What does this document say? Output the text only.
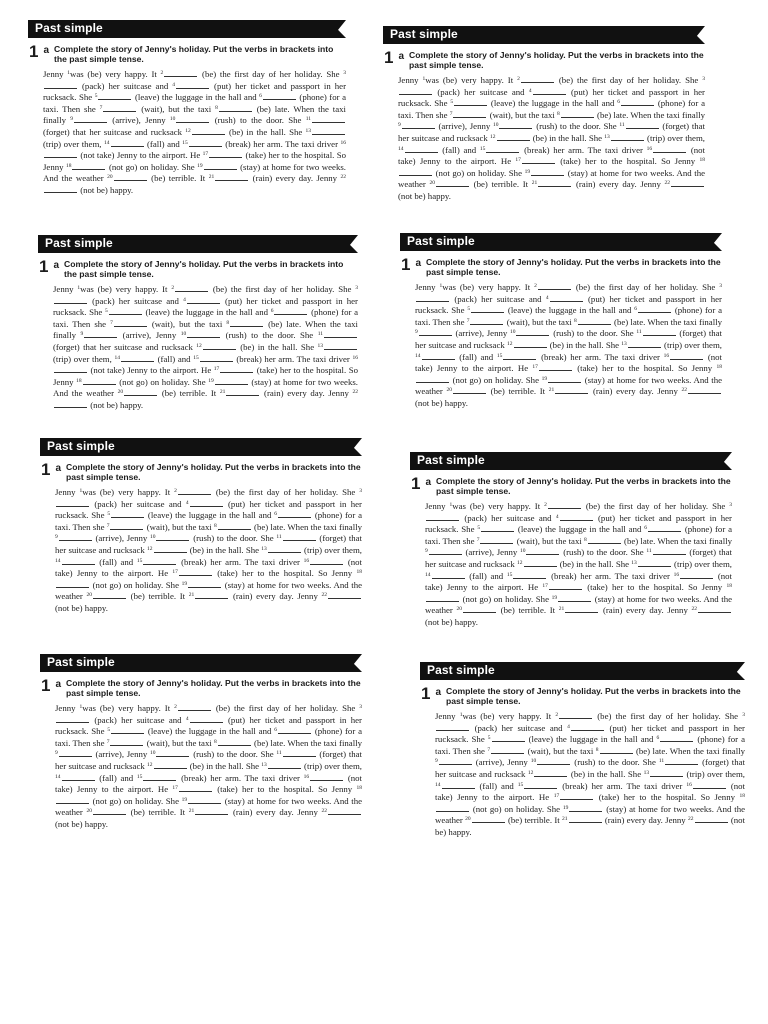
Past simple
1 a Complete the story of Jenny's holiday. Put the verbs in brackets into the past simple tense.
Jenny $^1$was (be) very happy. It $^2$	(be) the first day of her holiday. She $^3$ (pack) her suitcase and $^4$	(put) her ticket and passport in her rucksack. She $^5$	(leave) the luggage in the hall and $^6$	(phone) for a taxi. Then she $^7$	(wait), but the taxi $^8$	(be) late. When the taxi finally $^9$	(arrive), Jenny $^{10}$	(rush) to the door. She $^{11}$ (forget) that her suitcase and rucksack $^{12}$	(be) in the hall. She $^{13}$ (trip) over them, $^{14}$	(fall) and $^{15}$	(break) her arm. The taxi driver $^{16}$ (not take) Jenny to the airport. He $^{17}$	(take) her to the hospital. So Jenny $^{18}$	(not go) on holiday. She $^{19}$	(stay) at home for two weeks. And the weather $^{20}$	(be) terrible. It $^{21}$	(rain) every day. Jenny $^{22}$ (not be) happy.
Past simple
1 a Complete the story of Jenny's holiday. Put the verbs in brackets into the past simple tense.
Jenny $^1$was (be) very happy. It $^2$	(be) the first day of her holiday. She $^3$ (pack) her suitcase and $^4$	(put) her ticket and passport in her rucksack. She $^5$	(leave) the luggage in the hall and $^6$	(phone) for a taxi. Then she $^7$	(wait), but the taxi $^8$	(be) late. When the taxi finally $^9$	(arrive), Jenny $^{10}$	(rush) to the door. She $^{11}$	(forget) that her suitcase and rucksack $^{12}$	(be) in the hall. She $^{13}$	(trip) over them, $^{14}$	(fall) and $^{15}$	(break) her arm. The taxi driver $^{16}$	(not take) Jenny to the airport. He $^{17}$	(take) her to the hospital. So Jenny $^{18}$ (not go) on holiday. She $^{19}$	(stay) at home for two weeks. And the weather $^{20}$	(be) terrible. It $^{21}$	(rain) every day. Jenny $^{22}$ (not be) happy.
Past simple
1 a Complete the story of Jenny's holiday. Put the verbs in brackets into the past simple tense.
Jenny $^1$was (be) very happy. It $^2$	(be) the first day of her holiday. She $^3$ (pack) her suitcase and $^4$	(put) her ticket and passport in her rucksack. She $^5$	(leave) the luggage in the hall and $^6$	(phone) for a taxi. Then she $^7$	(wait), but the taxi $^8$	(be) late. When the taxi finally $^9$	(arrive), Jenny $^{10}$	(rush) to the door. She $^{11}$ (forget) that her suitcase and rucksack $^{12}$	(be) in the hall. She $^{13}$ (trip) over them, $^{14}$	(fall) and $^{15}$	(break) her arm. The taxi driver $^{16}$ (not take) Jenny to the airport. He $^{17}$	(take) her to the hospital. So Jenny $^{18}$	(not go) on holiday. She $^{19}$	(stay) at home for two weeks. And the weather $^{20}$	(be) terrible. It $^{21}$	(rain) every day. Jenny $^{22}$ (not be) happy.
Past simple
1 a Complete the story of Jenny's holiday. Put the verbs in brackets into the past simple tense.
Jenny $^1$was (be) very happy. It $^2$	(be) the first day of her holiday. She $^3$ (pack) her suitcase and $^4$	(put) her ticket and passport in her rucksack. She $^5$	(leave) the luggage in the hall and $^6$	(phone) for a taxi. Then she $^7$	(wait), but the taxi $^8$	(be) late. When the taxi finally $^9$	(arrive), Jenny $^{10}$	(rush) to the door. She $^{11}$	(forget) that her suitcase and rucksack $^{12}$	(be) in the hall. She $^{13}$	(trip) over them, $^{14}$	(fall) and $^{15}$	(break) her arm. The taxi driver $^{16}$	(not take) Jenny to the airport. He $^{17}$	(take) her to the hospital. So Jenny $^{18}$ (not go) on holiday. She $^{19}$	(stay) at home for two weeks. And the weather $^{20}$	(be) terrible. It $^{21}$	(rain) every day. Jenny $^{22}$ (not be) happy.
Past simple
1 a Complete the story of Jenny's holiday. Put the verbs in brackets into the past simple tense.
Jenny $^1$was (be) very happy. It $^2$	(be) the first day of her holiday. She $^3$ (pack) her suitcase and $^4$	(put) her ticket and passport in her rucksack. She $^5$	(leave) the luggage in the hall and $^6$	(phone) for a taxi. Then she $^7$	(wait), but the taxi $^8$	(be) late. When the taxi finally $^9$	(arrive), Jenny $^{10}$	(rush) to the door. She $^{11}$	(forget) that her suitcase and rucksack $^{12}$	(be) in the hall. She $^{13}$	(trip) over them, $^{14}$	(fall) and $^{15}$	(break) her arm. The taxi driver $^{16}$	(not take) Jenny to the airport. He $^{17}$	(take) her to the hospital. So Jenny $^{18}$ (not go) on holiday. She $^{19}$	(stay) at home for two weeks. And the weather $^{20}$	(be) terrible. It $^{21}$	(rain) every day. Jenny $^{22}$ (not be) happy.
Past simple
1 a Complete the story of Jenny's holiday. Put the verbs in brackets into the past simple tense.
Jenny $^1$was (be) very happy. It $^2$	(be) the first day of her holiday. She $^3$ (pack) her suitcase and $^4$	(put) her ticket and passport in her rucksack. She $^5$	(leave) the luggage in the hall and $^6$	(phone) for a taxi. Then she $^7$	(wait), but the taxi $^8$	(be) late. When the taxi finally $^9$	(arrive), Jenny $^{10}$	(rush) to the door. She $^{11}$	(forget) that her suitcase and rucksack $^{12}$	(be) in the hall. She $^{13}$	(trip) over them, $^{14}$	(fall) and $^{15}$	(break) her arm. The taxi driver $^{16}$	(not take) Jenny to the airport. He $^{17}$	(take) her to the hospital. So Jenny $^{18}$ (not go) on holiday. She $^{19}$	(stay) at home for two weeks. And the weather $^{20}$	(be) terrible. It $^{21}$	(rain) every day. Jenny $^{22}$ (not be) happy.
Past simple
1 a Complete the story of Jenny's holiday. Put the verbs in brackets into the past simple tense.
Jenny $^1$was (be) very happy. It $^2$	(be) the first day of her holiday. She $^3$ (pack) her suitcase and $^4$	(put) her ticket and passport in her rucksack. She $^5$	(leave) the luggage in the hall and $^6$	(phone) for a taxi. Then she $^7$	(wait), but the taxi $^8$	(be) late. When the taxi finally $^9$	(arrive), Jenny $^{10}$	(rush) to the door. She $^{11}$	(forget) that her suitcase and rucksack $^{12}$	(be) in the hall. She $^{13}$	(trip) over them, $^{14}$	(fall) and $^{15}$	(break) her arm. The taxi driver $^{16}$	(not take) Jenny to the airport. He $^{17}$	(take) her to the hospital. So Jenny $^{18}$ (not go) on holiday. She $^{19}$	(stay) at home for two weeks. And the weather $^{20}$	(be) terrible. It $^{21}$	(rain) every day. Jenny $^{22}$ (not be) happy.
Past simple
1 a Complete the story of Jenny's holiday. Put the verbs in brackets into the past simple tense.
Jenny $^1$was (be) very happy. It $^2$	(be) the first day of her holiday. She $^3$ (pack) her suitcase and $^4$	(put) her ticket and passport in her rucksack. She $^5$	(leave) the luggage in the hall and $^6$	(phone) for a taxi. Then she $^7$	(wait), but the taxi $^8$	(be) late. When the taxi finally $^9$	(arrive), Jenny $^{10}$	(rush) to the door. She $^{11}$	(forget) that her suitcase and rucksack $^{12}$	(be) in the hall. She $^{13}$	(trip) over them, $^{14}$	(fall) and $^{15}$	(break) her arm. The taxi driver $^{16}$	(not take) Jenny to the airport. He $^{17}$	(take) her to the hospital. So Jenny $^{18}$ (not go) on holiday. She $^{19}$	(stay) at home for two weeks. And the weather $^{20}$	(be) terrible. It $^{21}$	(rain) every day. Jenny $^{22}$	(not be) happy.
